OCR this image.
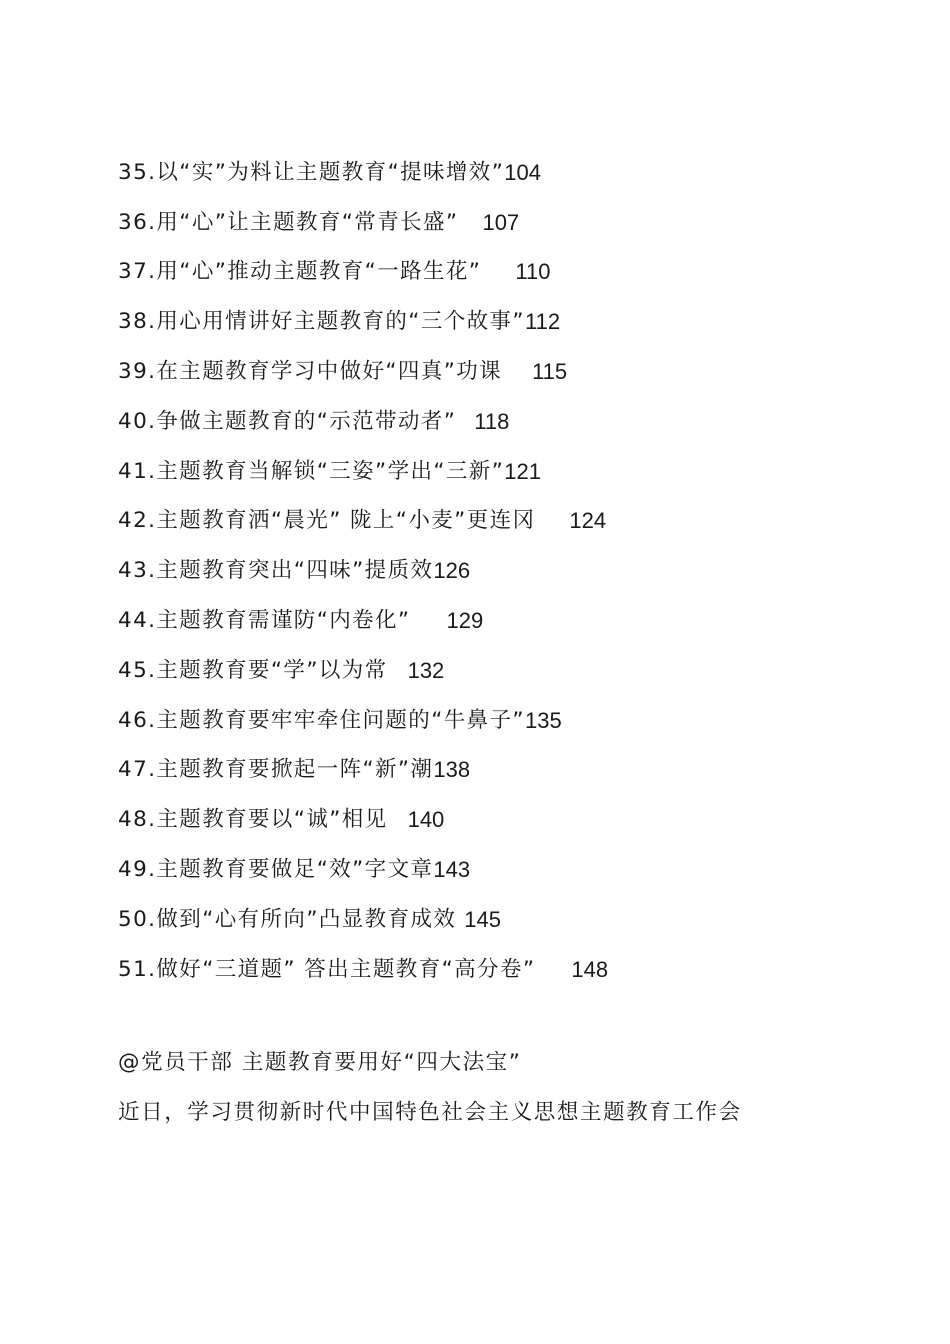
35.以“实”为料让主题教育“提味增效” 104
36.用“心”让主题教育“常青长盛” 107
37.用“心”推动主题教育“一路生花” 110
38.用心用情讲好主题教育的“三个故事” 112
39.在主题教育学习中做好“四真”功课 115
40.争做主题教育的“示范带动者” 118
41.主题教育当解锁“三姿”学出“三新” 121
42.主题教育洒“晨光” 陇上“小麦”更连冈 124
43.主题教育突出“四味”提质效 126
44.主题教育需谨防“内卷化” 129
45.主题教育要“学”以为常 132
46.主题教育要牢牢牵住问题的“牛鼻子” 135
47.主题教育要掀起一阵“新”潮 138
48.主题教育要以“诚”相见 140
49.主题教育要做足“效”字文章 143
50.做到“心有所向”凸显教育成效 145
51.做好“三道题” 答出主题教育“高分卷” 148
@党员干部 主题教育要用好“四大法宝”
近日，学习贯彻新时代中国特色社会主义思想主题教育工作会
